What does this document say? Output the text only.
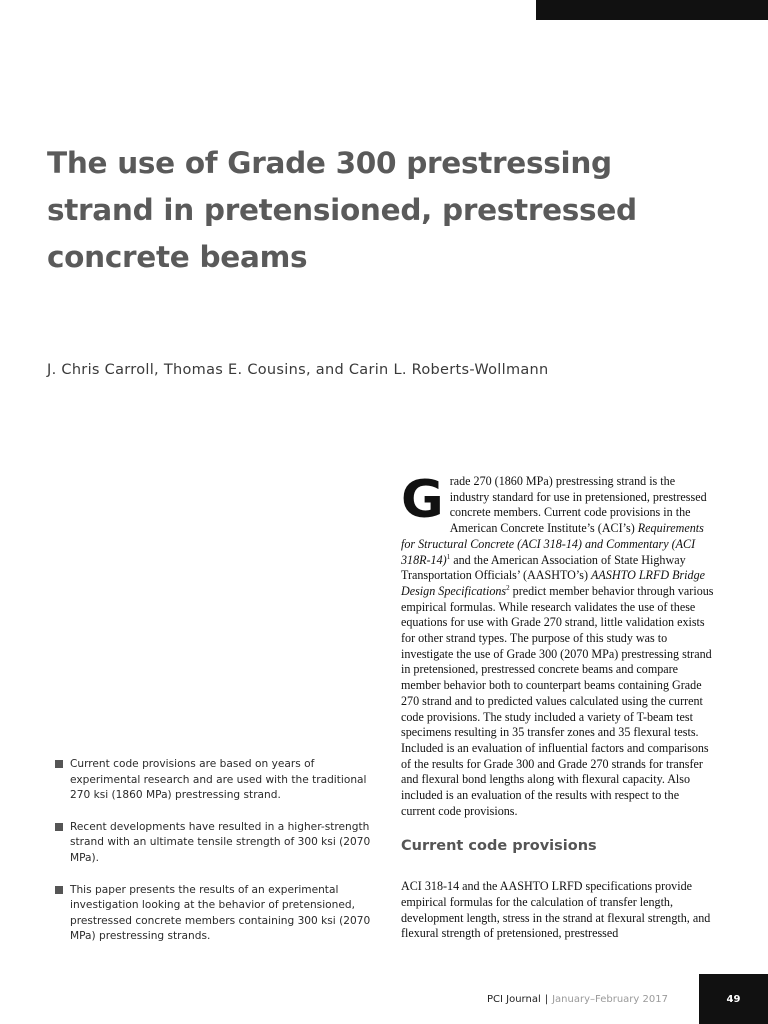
The use of Grade 300 prestressing strand in pretensioned, prestressed concrete beams

J. Chris Carroll, Thomas E. Cousins, and Carin L. Roberts-Wollmann

Current code provisions are based on years of experimental research and are used with the traditional 270 ksi (1860 MPa) prestressing strand.
Recent developments have resulted in a higher-strength strand with an ultimate tensile strength of 300 ksi (2070 MPa).
This paper presents the results of an experimental investigation looking at the behavior of pretensioned, prestressed concrete members containing 300 ksi (2070 MPa) prestressing strands.

Grade 270 (1860 MPa) prestressing strand is the industry standard for use in pretensioned, prestressed concrete members. Current code provisions in the American Concrete Institute’s (ACI’s) Requirements for Structural Concrete (ACI 318-14) and Commentary (ACI 318R-14)$^1$ and the American Association of State Highway Transportation Officials’ (AASHTO’s) AASHTO LRFD Bridge Design Specifications$^2$ predict member behavior through various empirical formulas. While research validates the use of these equations for use with Grade 270 strand, little validation exists for other strand types. The purpose of this study was to investigate the use of Grade 300 (2070 MPa) prestressing strand in pretensioned, prestressed concrete beams and compare member behavior both to counterpart beams containing Grade 270 strand and to predicted values calculated using the current code provisions. The study included a variety of T-beam test specimens resulting in 35 transfer zones and 35 flexural tests. Included is an evaluation of influential factors and comparisons of the results for Grade 300 and Grade 270 strands for transfer and flexural bond lengths along with flexural capacity. Also included is an evaluation of the results with respect to the current code provisions.

Current code provisions

ACI 318-14 and the AASHTO LRFD specifications provide empirical formulas for the calculation of transfer length, development length, stress in the strand at flexural strength, and flexural strength of pretensioned, prestressed

PCI Journal | January–February 2017	49
